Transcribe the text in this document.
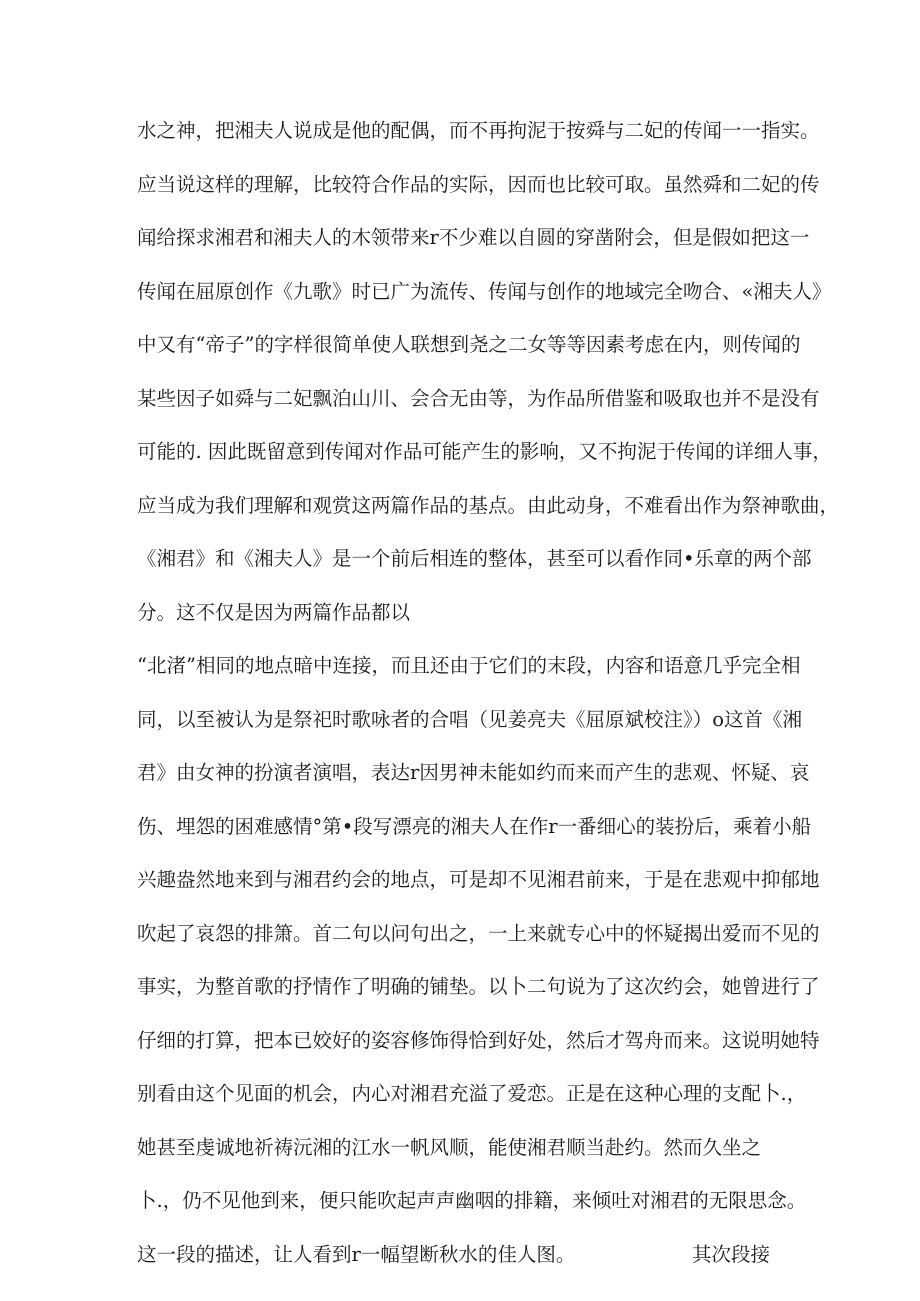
水之神，把湘夫人说成是他的配偶，而不再拘泥于按舜与二妃的传闻一一指实。
应当说这样的理解，比较符合作品的实际，因而也比较可取。虽然舜和二妃的传
闻给探求湘君和湘夫人的木领带来r不少难以自圆的穿凿附会，但是假如把这一
传闻在屈原创作《九歌》时已广为流传、传闻与创作的地域完全吻合、«湘夫人》
中又有“帝子”的字样很简单使人联想到尧之二女等等因素考虑在内，则传闻的
某些因子如舜与二妃飘泊山川、会合无由等，为作品所借鉴和吸取也并不是没有
可能的. 因此既留意到传闻对作品可能产生的影响，又不拘泥于传闻的详细人事，
应当成为我们理解和观赏这两篇作品的基点。由此动身，不难看出作为祭神歌曲，
《湘君》和《湘夫人》是一个前后相连的整体，甚至可以看作同•乐章的两个部
分。这不仅是因为两篇作品都以
“北渚”相同的地点暗中连接，而且还由于它们的末段，内容和语意几乎完全相
同，以至被认为是祭祀时歌咏者的合唱（见姜亮夫《屈原斌校注》）o这首《湘
君》由女神的扮演者演唱，表达r因男神未能如约而来而产生的悲观、怀疑、哀
伤、埋怨的困难感情°第•段写漂亮的湘夫人在作r一番细心的装扮后，乘着小船
兴趣盎然地来到与湘君约会的地点，可是却不见湘君前来，于是在悲观中抑郁地
吹起了哀怨的排箫。首二句以问句出之，一上来就专心中的怀疑揭出爱而不见的
事实，为整首歌的抒情作了明确的铺垫。以卜二句说为了这次约会，她曾进行了
仔细的打算，把本已姣好的姿容修饰得恰到好处，然后才驾舟而来。这说明她特
别看由这个见面的机会，内心对湘君充溢了爱恋。正是在这种心理的支配卜.，
她甚至虔诚地祈祷沅湘的江水一帆风顺，能使湘君顺当赴约。然而久坐之
卜.，仍不见他到来，便只能吹起声声幽咽的排籍，来倾吐对湘君的无限思念。
这一段的描述，让人看到r一幅望断秋水的佳人图。	其次段接
